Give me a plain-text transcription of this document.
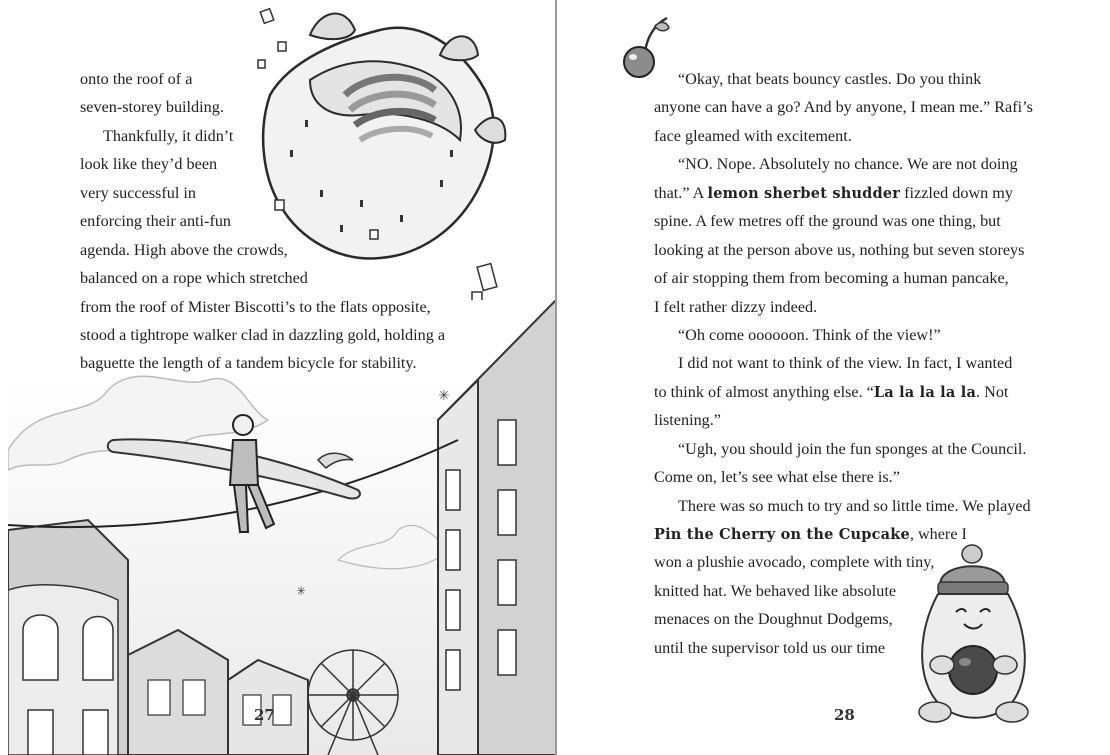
onto the roof of a

seven-storey building.

Thankfully, it didn’t

look like they’d been

very successful in

enforcing their anti-fun

agenda. High above the crowds,

balanced on a rope which stretched

from the roof of Mister Biscotti’s to the flats opposite,

stood a tightrope walker clad in dazzling gold, holding a

baguette the length of a tandem bicycle for stability.

✳
✳
27

“Okay, that beats bouncy castles. Do you think

anyone can have a go? And by anyone, I mean me.” Rafi’s

face gleamed with excitement.

“NO. Nope. Absolutely no chance. We are not doing

that.” A lemon sherbet shudder fizzled down my

spine. A few metres off the ground was one thing, but

looking at the person above us, nothing but seven storeys

of air stopping them from becoming a human pancake,

I felt rather dizzy indeed.

“Oh come oooooon. Think of the view!”

I did not want to think of the view. In fact, I wanted

to think of almost anything else. “La la la la la. Not

listening.”

“Ugh, you should join the fun sponges at the Council.

Come on, let’s see what else there is.”

There was so much to try and so little time. We played

Pin the Cherry on the Cupcake, where I

won a plushie avocado, complete with tiny,

knitted hat. We behaved like absolute

menaces on the Doughnut Dodgems,

until the supervisor told us our time

28
